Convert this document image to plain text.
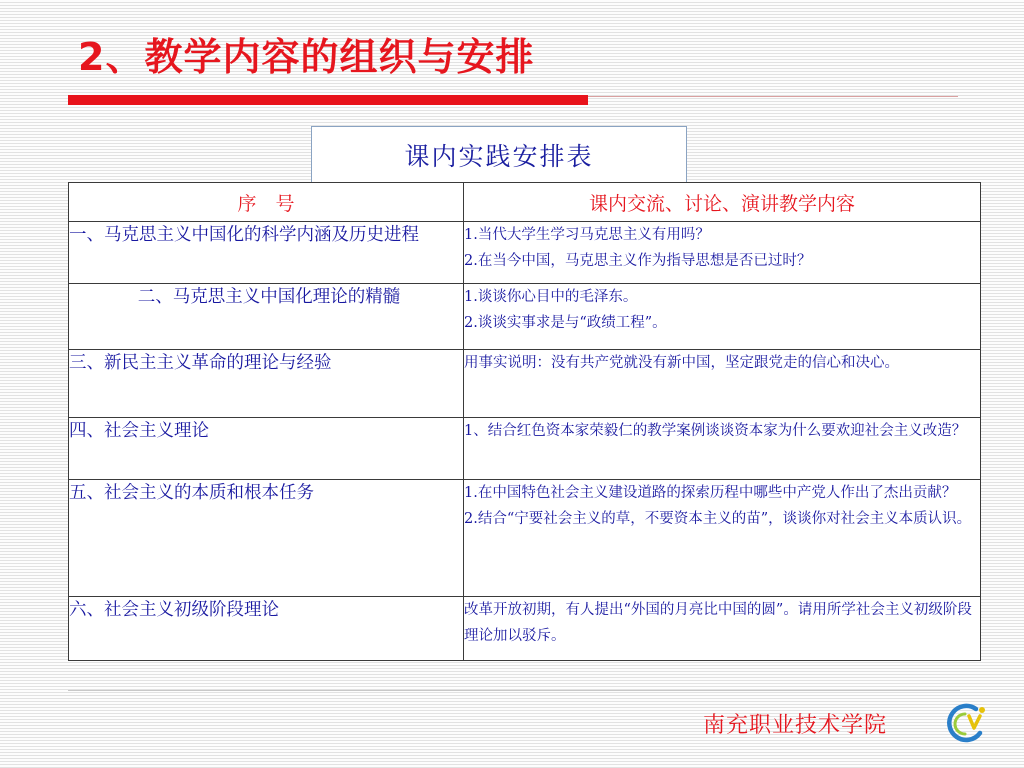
2、教学内容的组织与安排
课内实践安排表
序　号	课内交流、讨论、演讲教学内容
一、马克思主义中国化的科学内涵及历史进程	1.当代大学生学习马克思主义有用吗？

2.在当今中国，马克思主义作为指导思想是否已过时？

二、马克思主义中国化理论的精髓	1.谈谈你心目中的毛泽东。

2.谈谈实事求是与“政绩工程”。

三、新民主主义革命的理论与经验	用事实说明：没有共产党就没有新中国，坚定跟党走的信心和决心。

四、社会主义理论	1、结合红色资本家荣毅仁的教学案例谈谈资本家为什么要欢迎社会主义改造？

五、社会主义的本质和根本任务	1.在中国特色社会主义建设道路的探索历程中哪些中产党人作出了杰出贡献？

2.结合“宁要社会主义的草，不要资本主义的苗”，谈谈你对社会主义本质认识。

六、社会主义初级阶段理论	改革开放初期，有人提出“外国的月亮比中国的圆”。请用所学社会主义初级阶段理论加以驳斥。

南充职业技术学院
